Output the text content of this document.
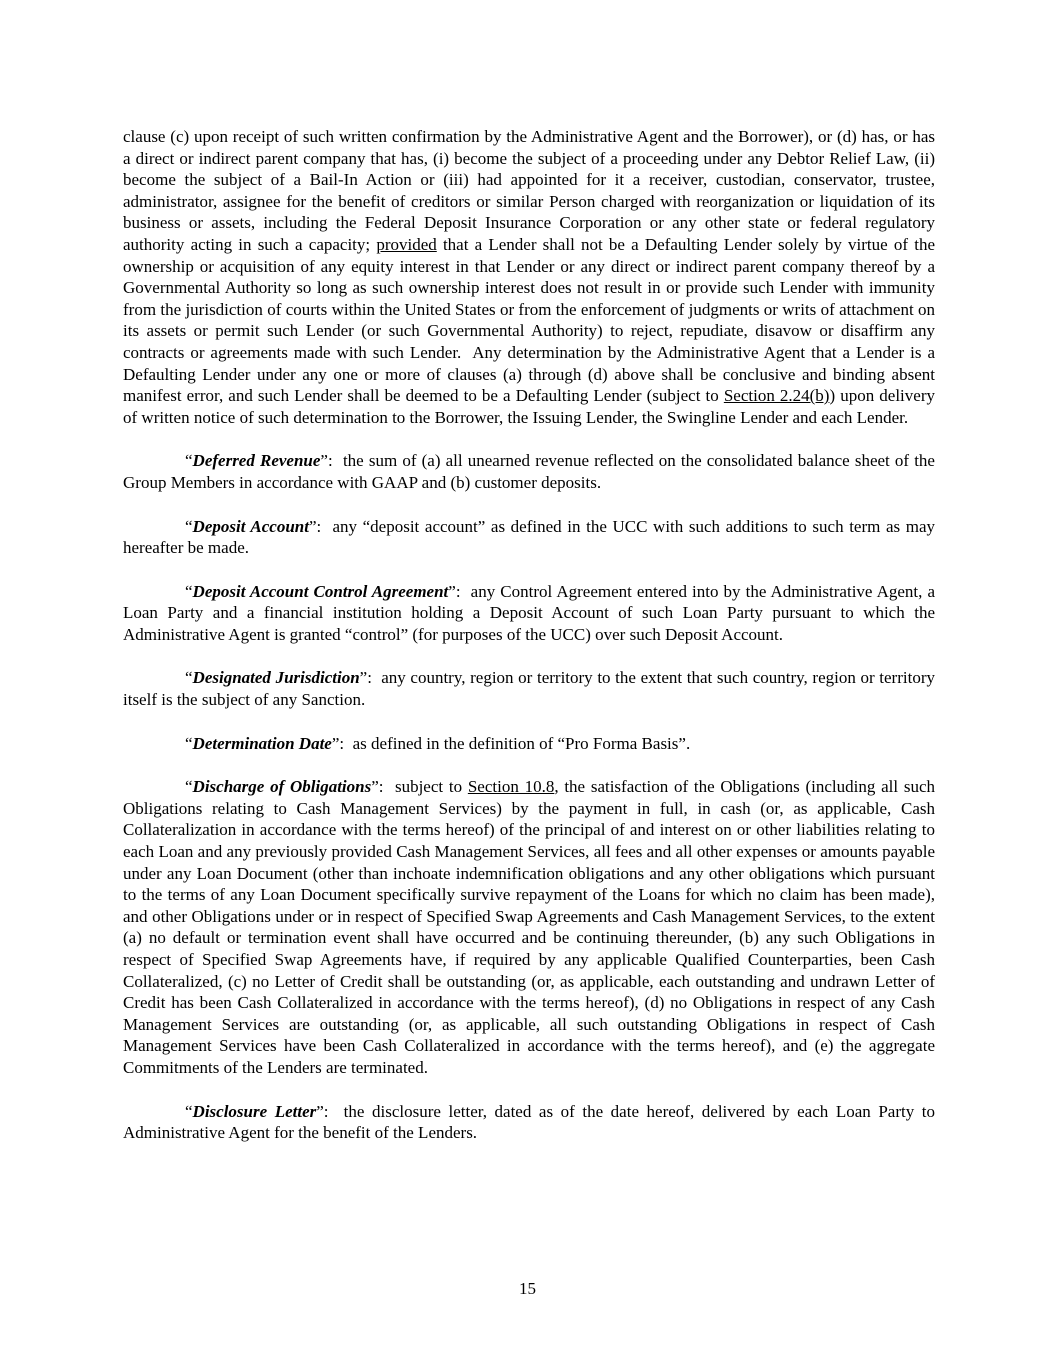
clause (c) upon receipt of such written confirmation by the Administrative Agent and the Borrower), or (d) has, or has a direct or indirect parent company that has, (i) become the subject of a proceeding under any Debtor Relief Law, (ii) become the subject of a Bail-In Action or (iii) had appointed for it a receiver, custodian, conservator, trustee, administrator, assignee for the benefit of creditors or similar Person charged with reorganization or liquidation of its business or assets, including the Federal Deposit Insurance Corporation or any other state or federal regulatory authority acting in such a capacity; provided that a Lender shall not be a Defaulting Lender solely by virtue of the ownership or acquisition of any equity interest in that Lender or any direct or indirect parent company thereof by a Governmental Authority so long as such ownership interest does not result in or provide such Lender with immunity from the jurisdiction of courts within the United States or from the enforcement of judgments or writs of attachment on its assets or permit such Lender (or such Governmental Authority) to reject, repudiate, disavow or disaffirm any contracts or agreements made with such Lender.  Any determination by the Administrative Agent that a Lender is a Defaulting Lender under any one or more of clauses (a) through (d) above shall be conclusive and binding absent manifest error, and such Lender shall be deemed to be a Defaulting Lender (subject to Section 2.24(b)) upon delivery of written notice of such determination to the Borrower, the Issuing Lender, the Swingline Lender and each Lender.

“Deferred Revenue”:  the sum of (a) all unearned revenue reflected on the consolidated balance sheet of the Group Members in accordance with GAAP and (b) customer deposits.

“Deposit Account”:  any “deposit account” as defined in the UCC with such additions to such term as may hereafter be made.

“Deposit Account Control Agreement”:  any Control Agreement entered into by the Administrative Agent, a Loan Party and a financial institution holding a Deposit Account of such Loan Party pursuant to which the Administrative Agent is granted “control” (for purposes of the UCC) over such Deposit Account.

“Designated Jurisdiction”:  any country, region or territory to the extent that such country, region or territory itself is the subject of any Sanction.

“Determination Date”:  as defined in the definition of “Pro Forma Basis”.

“Discharge of Obligations”:  subject to Section 10.8, the satisfaction of the Obligations (including all such Obligations relating to Cash Management Services) by the payment in full, in cash (or, as applicable, Cash Collateralization in accordance with the terms hereof) of the principal of and interest on or other liabilities relating to each Loan and any previously provided Cash Management Services, all fees and all other expenses or amounts payable under any Loan Document (other than inchoate indemnification obligations and any other obligations which pursuant to the terms of any Loan Document specifically survive repayment of the Loans for which no claim has been made), and other Obligations under or in respect of Specified Swap Agreements and Cash Management Services, to the extent (a) no default or termination event shall have occurred and be continuing thereunder, (b) any such Obligations in respect of Specified Swap Agreements have, if required by any applicable Qualified Counterparties, been Cash Collateralized, (c) no Letter of Credit shall be outstanding (or, as applicable, each outstanding and undrawn Letter of Credit has been Cash Collateralized in accordance with the terms hereof), (d) no Obligations in respect of any Cash Management Services are outstanding (or, as applicable, all such outstanding Obligations in respect of Cash Management Services have been Cash Collateralized in accordance with the terms hereof), and (e) the aggregate Commitments of the Lenders are terminated.

“Disclosure Letter”:  the disclosure letter, dated as of the date hereof, delivered by each Loan Party to Administrative Agent for the benefit of the Lenders.

15
